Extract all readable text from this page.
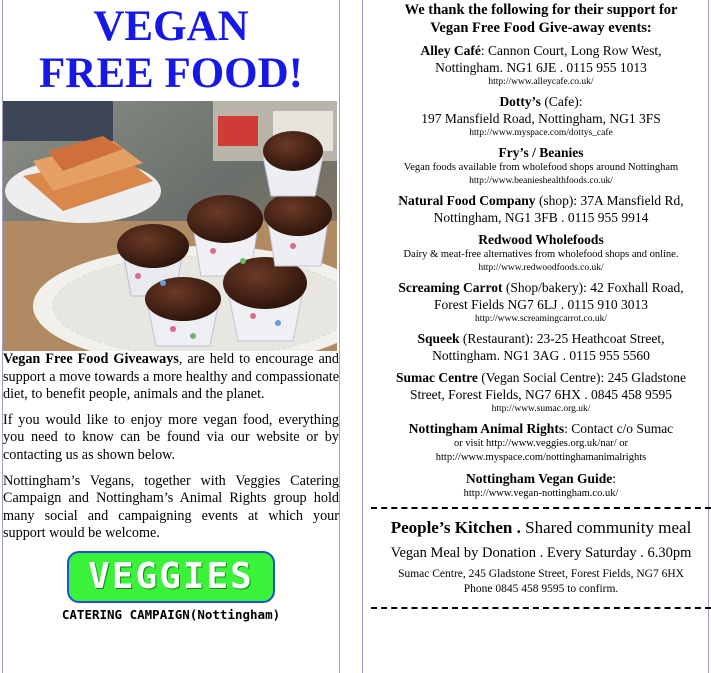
VEGAN
FREE FOOD!

Vegan Free Food Giveaways, are held to encourage and support a move towards a more healthy and compassionate diet, to benefit people, animals and the planet.

If you would like to enjoy more vegan food, everything you need to know can be found via our website or by contacting us as shown below.

Nottingham’s Vegans, together with Veggies Catering Campaign and Nottingham’s Animal Rights group hold many social and campaigning events at which your support would be welcome.

VEGGIES
CATERING CAMPAIGN(Nottingham)
We thank the following for their support for
Vegan Free Food Give-away events:
Alley Café: Cannon Court, Long Row West,
Nottingham. NG1 6JE . 0115 955 1013
http://www.alleycafe.co.uk/
Dotty’s (Cafe):
197 Mansfield Road, Nottingham, NG1 3FS
http://www.myspace.com/dottys_cafe
Fry’s / Beanies
Vegan foods available from wholefood shops around Nottingham
http://www.beanieshealthfoods.co.uk/
Natural Food Company (shop): 37A Mansfield Rd,
Nottingham, NG1 3FB . 0115 955 9914
Redwood Wholefoods
Dairy & meat-free alternatives from wholefood shops and online.
http://www.redwoodfoods.co.uk/
Screaming Carrot (Shop/bakery): 42 Foxhall Road,
Forest Fields NG7 6LJ . 0115 910 3013
http://www.screamingcarrot.co.uk/
Squeek (Restaurant): 23-25 Heathcoat Street,
Nottingham. NG1 3AG . 0115 955 5560
Sumac Centre (Vegan Social Centre): 245 Gladstone
Street, Forest Fields, NG7 6HX . 0845 458 9595
http://www.sumac.org.uk/
Nottingham Animal Rights: Contact c/o Sumac
or visit http://www.veggies.org.uk/nar/ or
http://www.myspace.com/nottinghamanimalrights
Nottingham Vegan Guide:
http://www.vegan-nottingham.co.uk/
People’s Kitchen . Shared community meal
Vegan Meal by Donation . Every Saturday . 6.30pm
Sumac Centre, 245 Gladstone Street, Forest Fields, NG7 6HX
Phone 0845 458 9595 to confirm.
